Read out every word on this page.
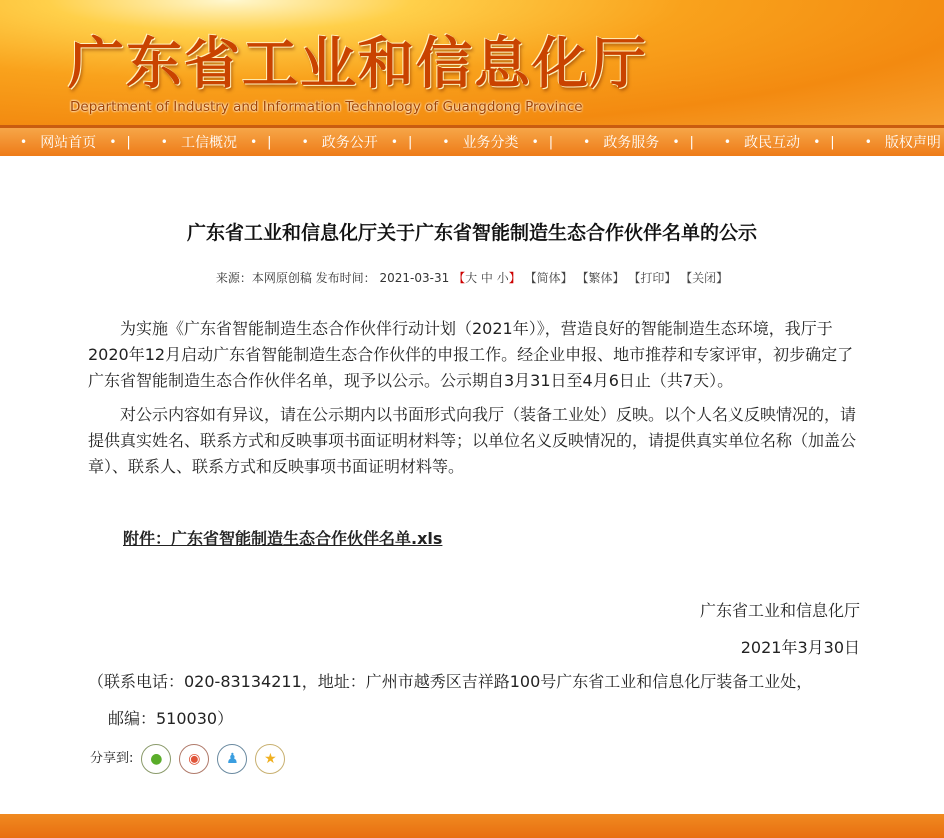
广东省工业和信息化厅
Department of Industry and Information Technology of Guangdong Province
• 网站首页 • |	• 工信概况 • |	• 政务公开 • |	• 业务分类 • |	• 政务服务 • |	• 政民互动 • |	• 版权声明
广东省工业和信息化厅关于广东省智能制造生态合作伙伴名单的公示
来源：本网原创稿 发布时间： 2021-03-31 【大 中 小】 【简体】 【繁体】 【打印】 【关闭】

为实施《广东省智能制造生态合作伙伴行动计划（2021年）》，营造良好的智能制造生态环境，我厅于2020年12月启动广东省智能制造生态合作伙伴的申报工作。经企业申报、地市推荐和专家评审，初步确定了广东省智能制造生态合作伙伴名单，现予以公示。公示期自3月31日至4月6日止（共7天）。

对公示内容如有异议，请在公示期内以书面形式向我厅（装备工业处）反映。以个人名义反映情况的，请提供真实姓名、联系方式和反映事项书面证明材料等；以单位名义反映情况的，请提供真实单位名称（加盖公章）、联系人、联系方式和反映事项书面证明材料等。

附件：广东省智能制造生态合作伙伴名单.xls
广东省工业和信息化厅
2021年3月30日
（联系电话：020-83134211，地址：广州市越秀区吉祥路100号广东省工业和信息化厅装备工业处，
邮编：510030）
分享到:	●	◉	♟	★
